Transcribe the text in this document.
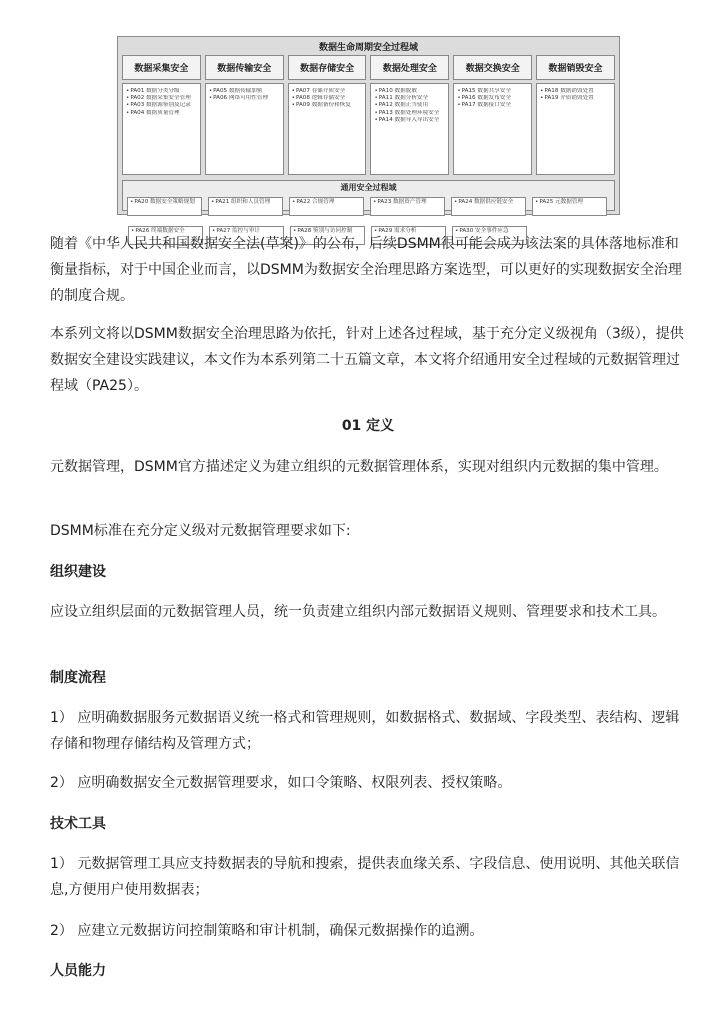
数据生命周期安全过程域
数据采集安全
• PA01 数据分类分级
• PA02 数据采集安全管理
• PA03 数据源鉴别及记录
• PA04 数据质量管理
数据传输安全
• PA05 数据传输加密
• PA06 网络可用性管理
数据存储安全
• PA07 存储介质安全
• PA08 逻辑存储安全
• PA09 数据备份和恢复
数据处理安全
• PA10 数据脱敏
• PA11 数据分析安全
• PA12 数据正当使用
• PA13 数据处理环境安全
• PA14 数据导入导出安全
数据交换安全
• PA15 数据共享安全
• PA16 数据发布安全
• PA17 数据接口安全
数据销毁安全
• PA18 数据销毁处置
• PA19 介质销毁处置
通用安全过程域
• PA20 数据安全策略规划	• PA21 组织和人员管理	• PA22 合规管理	• PA23 数据资产管理	• PA24 数据供应链安全	• PA25 元数据管理
• PA26 终端数据安全	• PA27 监控与审计	• PA28 鉴别与访问控制	• PA29 需求分析	• PA30 安全事件应急
随着《中华人民共和国数据安全法(草案)》的公布，后续DSMM很可能会成为该法案的具体落地标准和衡量指标，对于中国企业而言，以DSMM为数据安全治理思路方案选型，可以更好的实现数据安全治理的制度合规。
本系列文将以DSMM数据安全治理思路为依托，针对上述各过程域，基于充分定义级视角（3级），提供数据安全建设实践建议，本文作为本系列第二十五篇文章，本文将介绍通用安全过程域的元数据管理过程域（PA25）。
01 定义
元数据管理，DSMM官方描述定义为建立组织的元数据管理体系，实现对组织内元数据的集中管理。
DSMM标准在充分定义级对元数据管理要求如下:
组织建设
应设立组织层面的元数据管理人员，统一负责建立组织内部元数据语义规则、管理要求和技术工具。
制度流程
1） 应明确数据服务元数据语义统一格式和管理规则，如数据格式、数据域、字段类型、表结构、逻辑存储和物理存储结构及管理方式；
2） 应明确数据安全元数据管理要求，如口令策略、权限列表、授权策略。
技术工具
1） 元数据管理工具应支持数据表的导航和搜索，提供表血缘关系、字段信息、使用说明、其他关联信息,方便用户使用数据表；
2） 应建立元数据访问控制策略和审计机制，确保元数据操作的追溯。
人员能力
